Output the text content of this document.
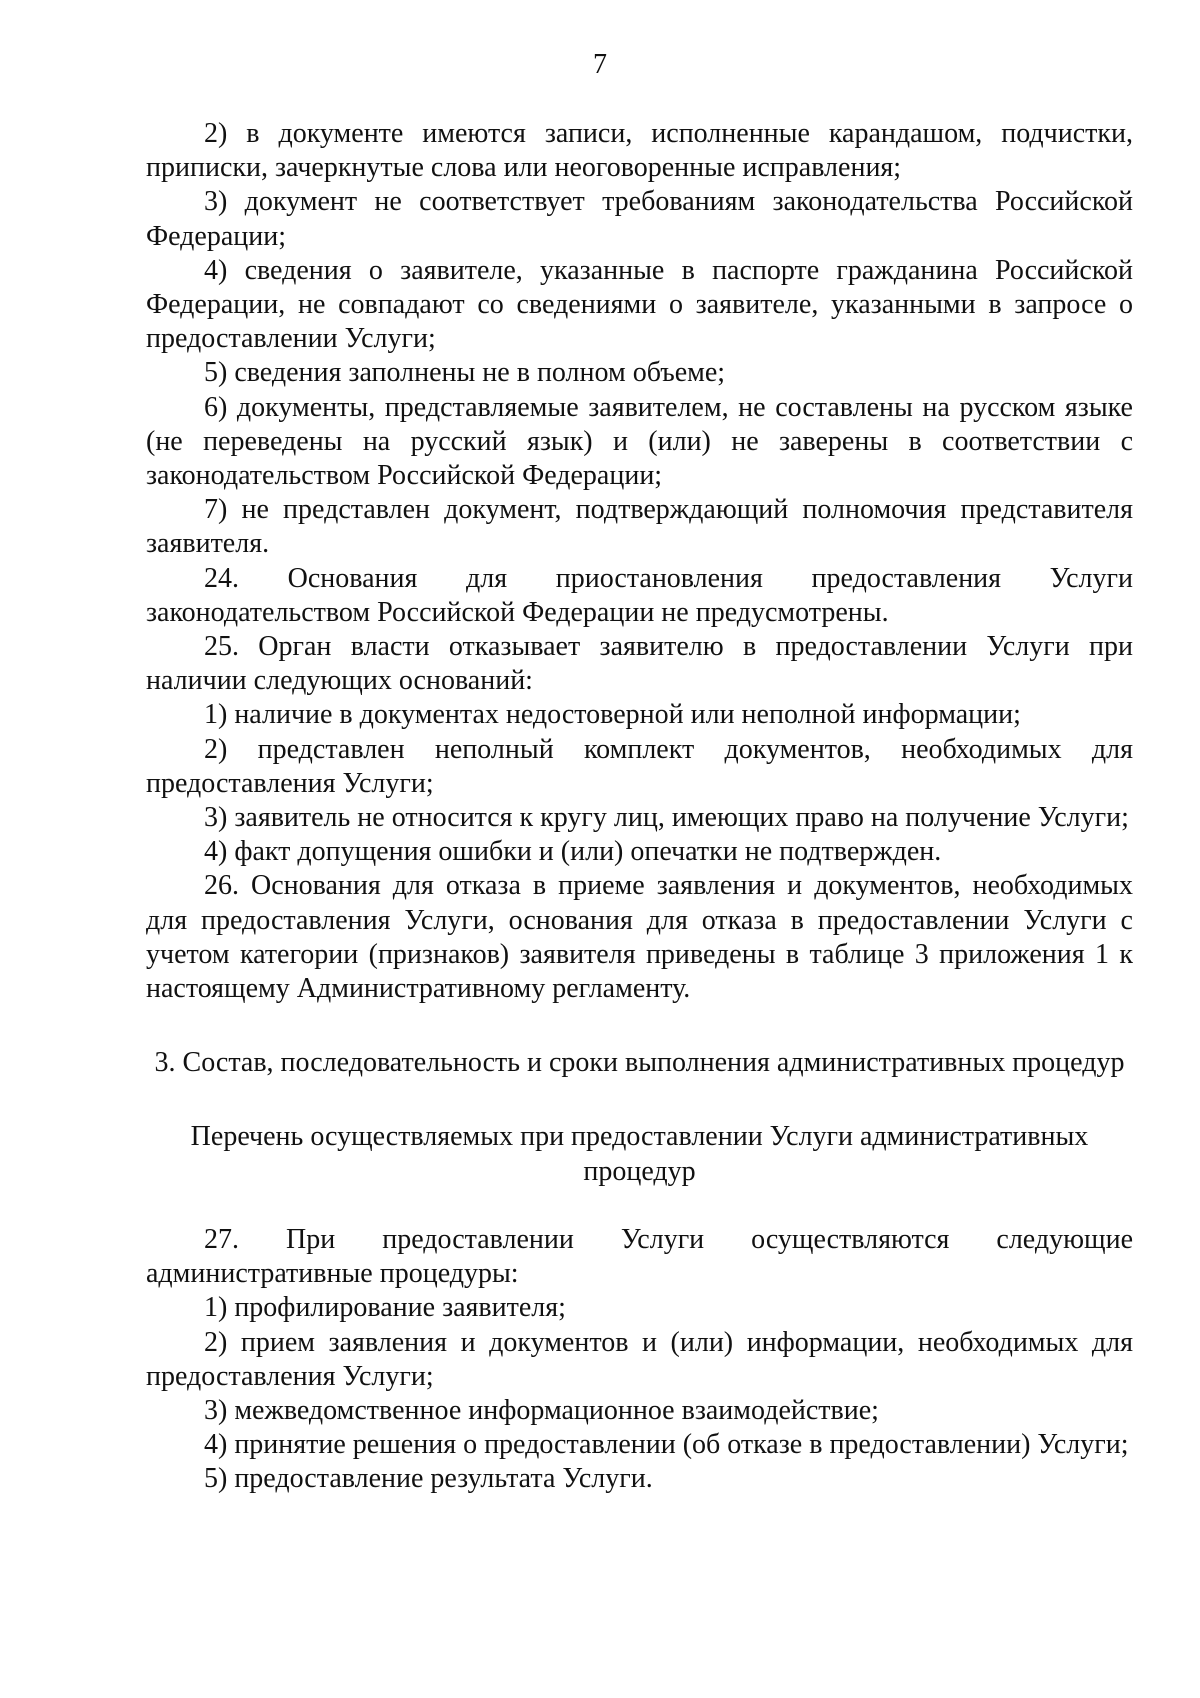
7

2) в документе имеются записи, исполненные карандашом, подчистки, приписки, зачеркнутые слова или неоговоренные исправления;

3) документ не соответствует требованиям законодательства Российской Федерации;

4) сведения о заявителе, указанные в паспорте гражданина Российской Федерации, не совпадают со сведениями о заявителе, указанными в запросе о предоставлении Услуги;

5) сведения заполнены не в полном объеме;

6) документы, представляемые заявителем, не составлены на русском языке (не переведены на русский язык) и (или) не заверены в соответствии с законодательством Российской Федерации;

7) не представлен документ, подтверждающий полномочия представителя заявителя.

24. Основания для приостановления предоставления Услуги законодательством Российской Федерации не предусмотрены.

25. Орган власти отказывает заявителю в предоставлении Услуги при наличии следующих оснований:

1) наличие в документах недостоверной или неполной информации;

2) представлен неполный комплект документов, необходимых для предоставления Услуги;

3) заявитель не относится к кругу лиц, имеющих право на получение Услуги;

4) факт допущения ошибки и (или) опечатки не подтвержден.

26. Основания для отказа в приеме заявления и документов, необходимых для предоставления Услуги, основания для отказа в предоставлении Услуги с учетом категории (признаков) заявителя приведены в таблице 3 приложения 1 к настоящему Административному регламенту.

3. Состав, последовательность и сроки выполнения административных процедур

Перечень осуществляемых при предоставлении Услуги административных процедур

27. При предоставлении Услуги осуществляются следующие административные процедуры:

1) профилирование заявителя;

2) прием заявления и документов и (или) информации, необходимых для предоставления Услуги;

3) межведомственное информационное взаимодействие;

4) принятие решения о предоставлении (об отказе в предоставлении) Услуги;

5) предоставление результата Услуги.
